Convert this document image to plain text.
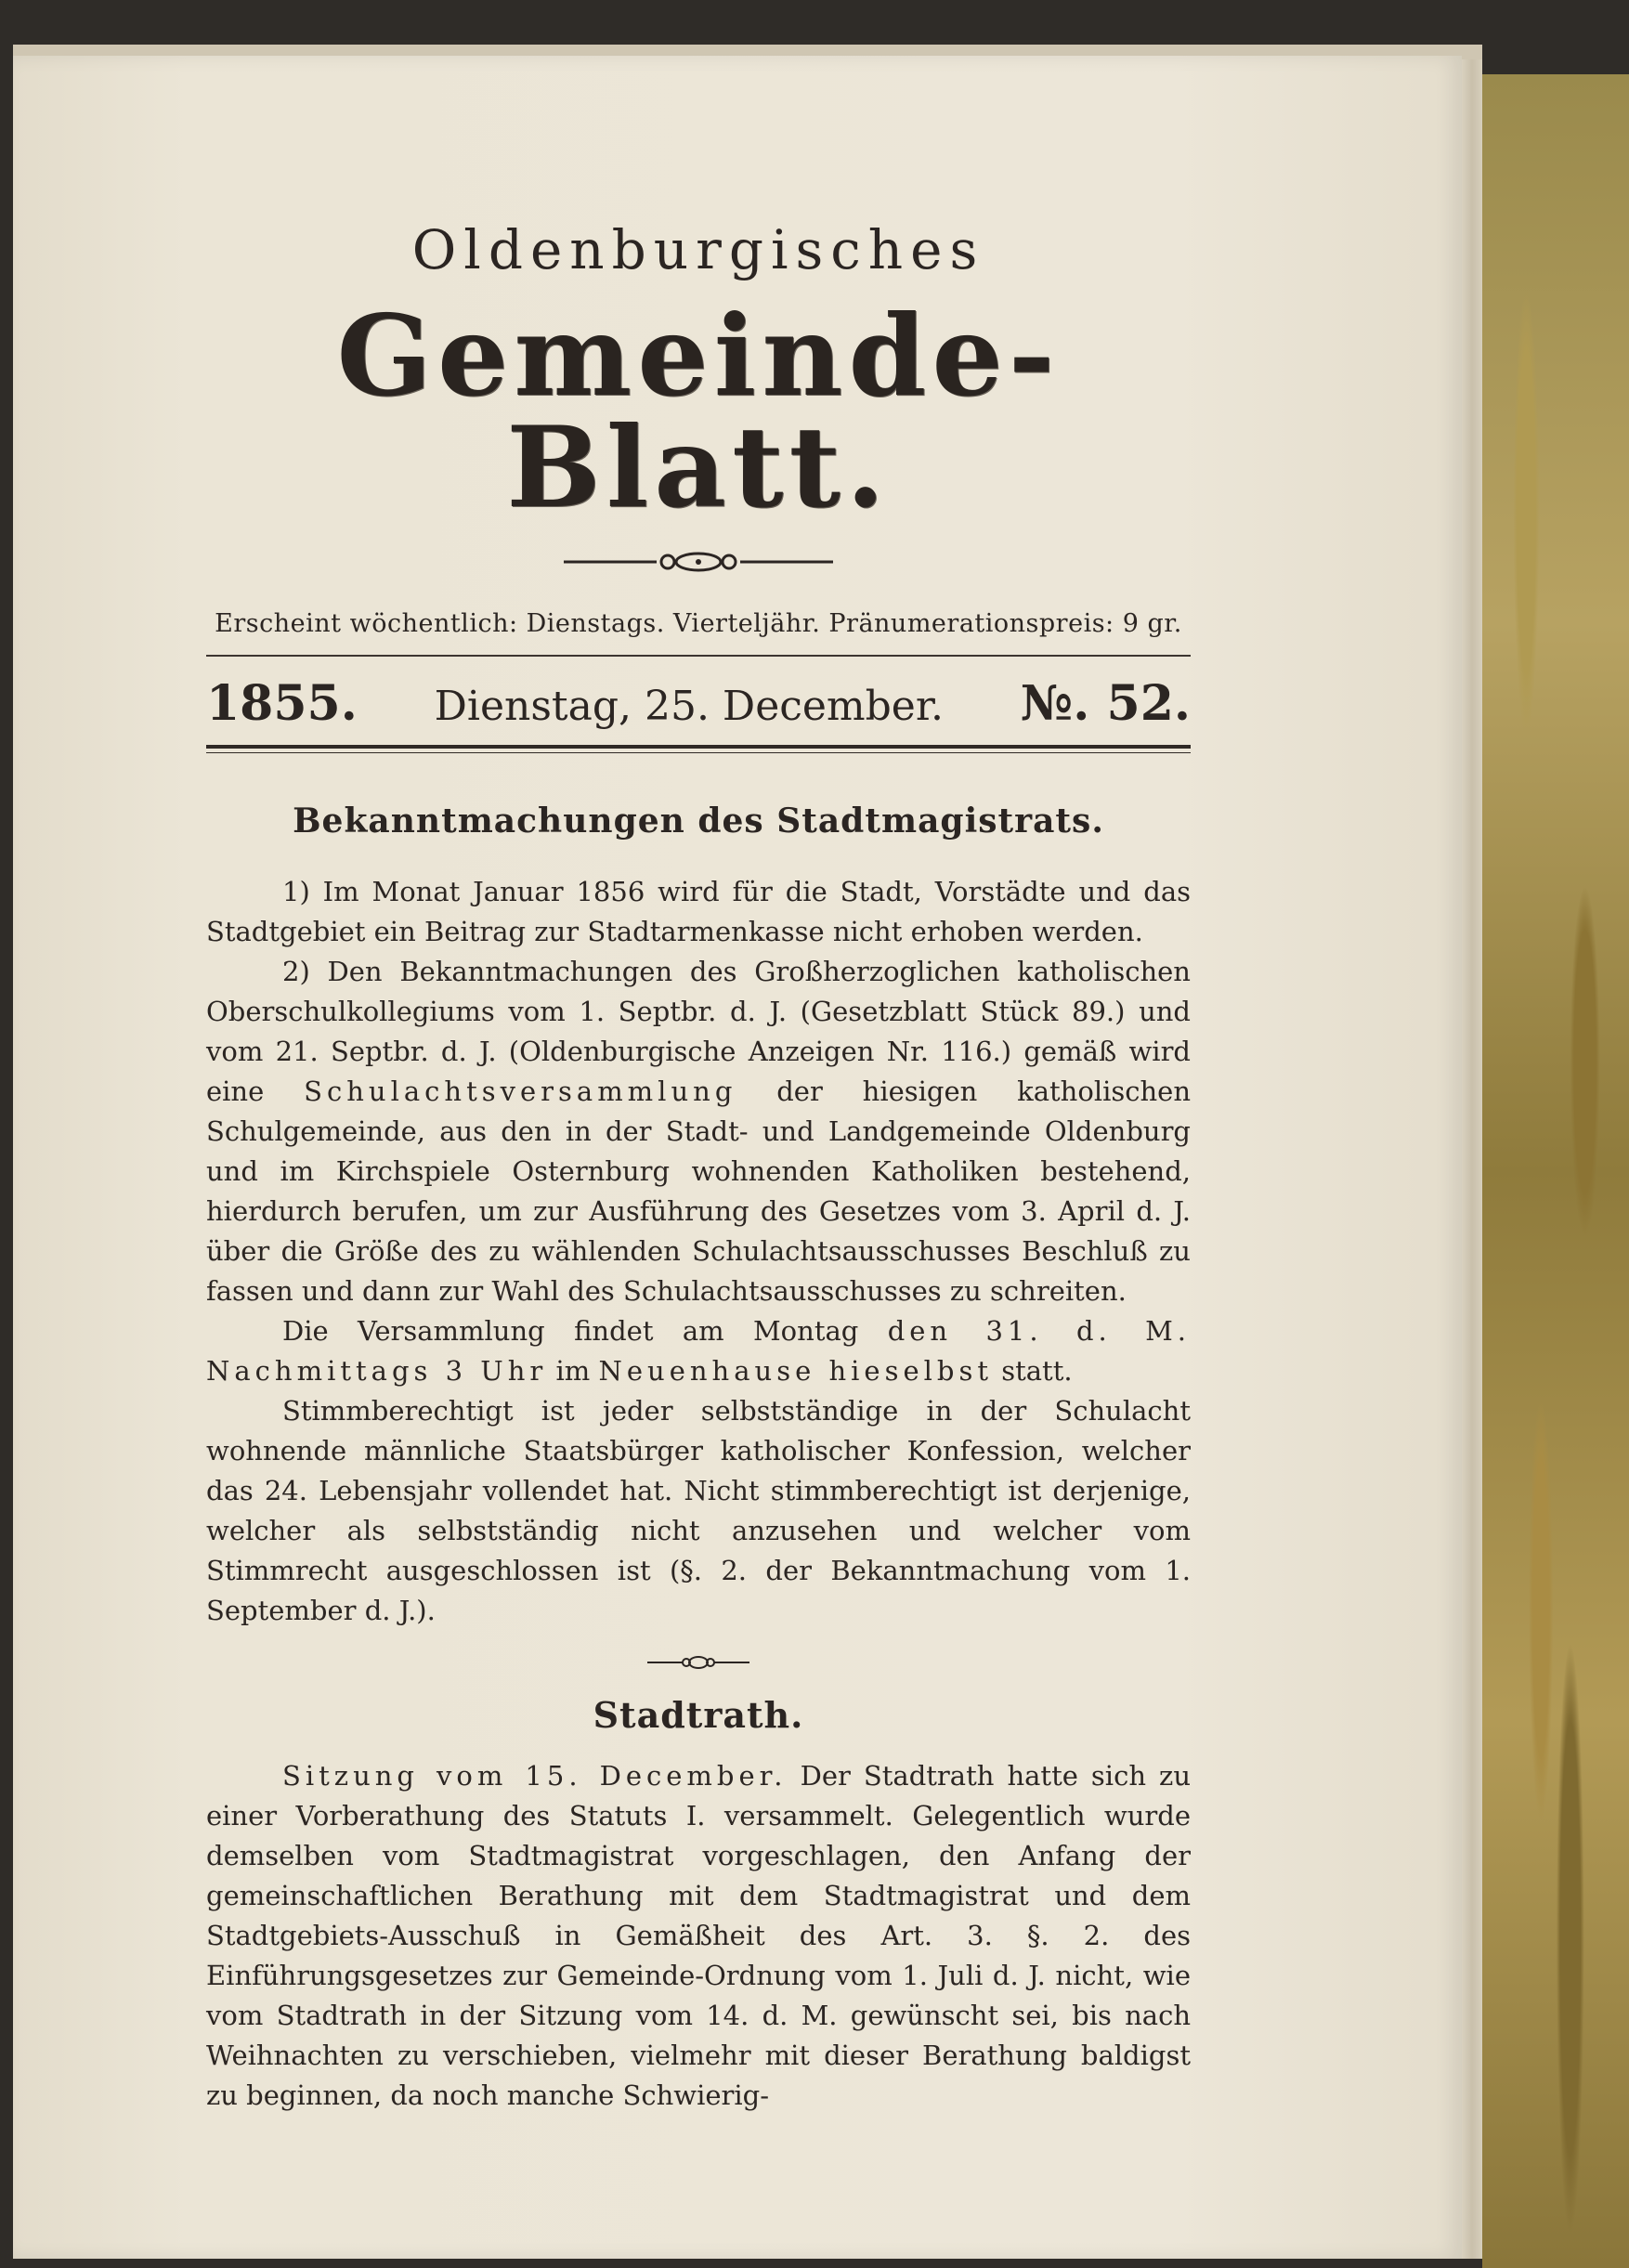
Oldenburgisches
Gemeinde-Blatt.
Erscheint wöchentlich: Dienstags. Vierteljähr. Pränumerationspreis: 9 gr.
1855. Dienstag, 25. December. №. 52.
Bekanntmachungen des Stadtmagistrats.

1) Im Monat Januar 1856 wird für die Stadt, Vorstädte und das Stadtgebiet ein Beitrag zur Stadtarmenkasse nicht erhoben werden.

2) Den Bekanntmachungen des Großherzoglichen katholischen Oberschulkollegiums vom 1. Septbr. d. J. (Gesetzblatt Stück 89.) und vom 21. Septbr. d. J. (Oldenburgische Anzeigen Nr. 116.) gemäß wird eine Schulachtsversammlung der hiesigen katholischen Schulgemeinde, aus den in der Stadt- und Landgemeinde Oldenburg und im Kirchspiele Osternburg wohnenden Katholiken bestehend, hierdurch berufen, um zur Ausführung des Gesetzes vom 3. April d. J. über die Größe des zu wählenden Schulachtsausschusses Beschluß zu fassen und dann zur Wahl des Schulachtsausschusses zu schreiten.

Die Versammlung findet am Montag den 31. d. M. Nachmittags 3 Uhr im Neuenhause hieselbst statt.

Stimmberechtigt ist jeder selbstständige in der Schulacht wohnende männliche Staatsbürger katholischer Konfession, welcher das 24. Lebensjahr vollendet hat. Nicht stimmberechtigt ist derjenige, welcher als selbstständig nicht anzusehen und welcher vom Stimmrecht ausgeschlossen ist (§. 2. der Bekanntmachung vom 1. September d. J.).

Stadtrath.

Sitzung vom 15. December. Der Stadtrath hatte sich zu einer Vorberathung des Statuts I. versammelt. Gelegentlich wurde demselben vom Stadtmagistrat vorgeschlagen, den Anfang der gemeinschaftlichen Berathung mit dem Stadtmagistrat und dem Stadtgebiets-Ausschuß in Gemäßheit des Art. 3. §. 2. des Einführungsgesetzes zur Gemeinde-Ordnung vom 1. Juli d. J. nicht, wie vom Stadtrath in der Sitzung vom 14. d. M. gewünscht sei, bis nach Weihnachten zu verschieben, vielmehr mit dieser Berathung baldigst zu beginnen, da noch manche Schwierig-
